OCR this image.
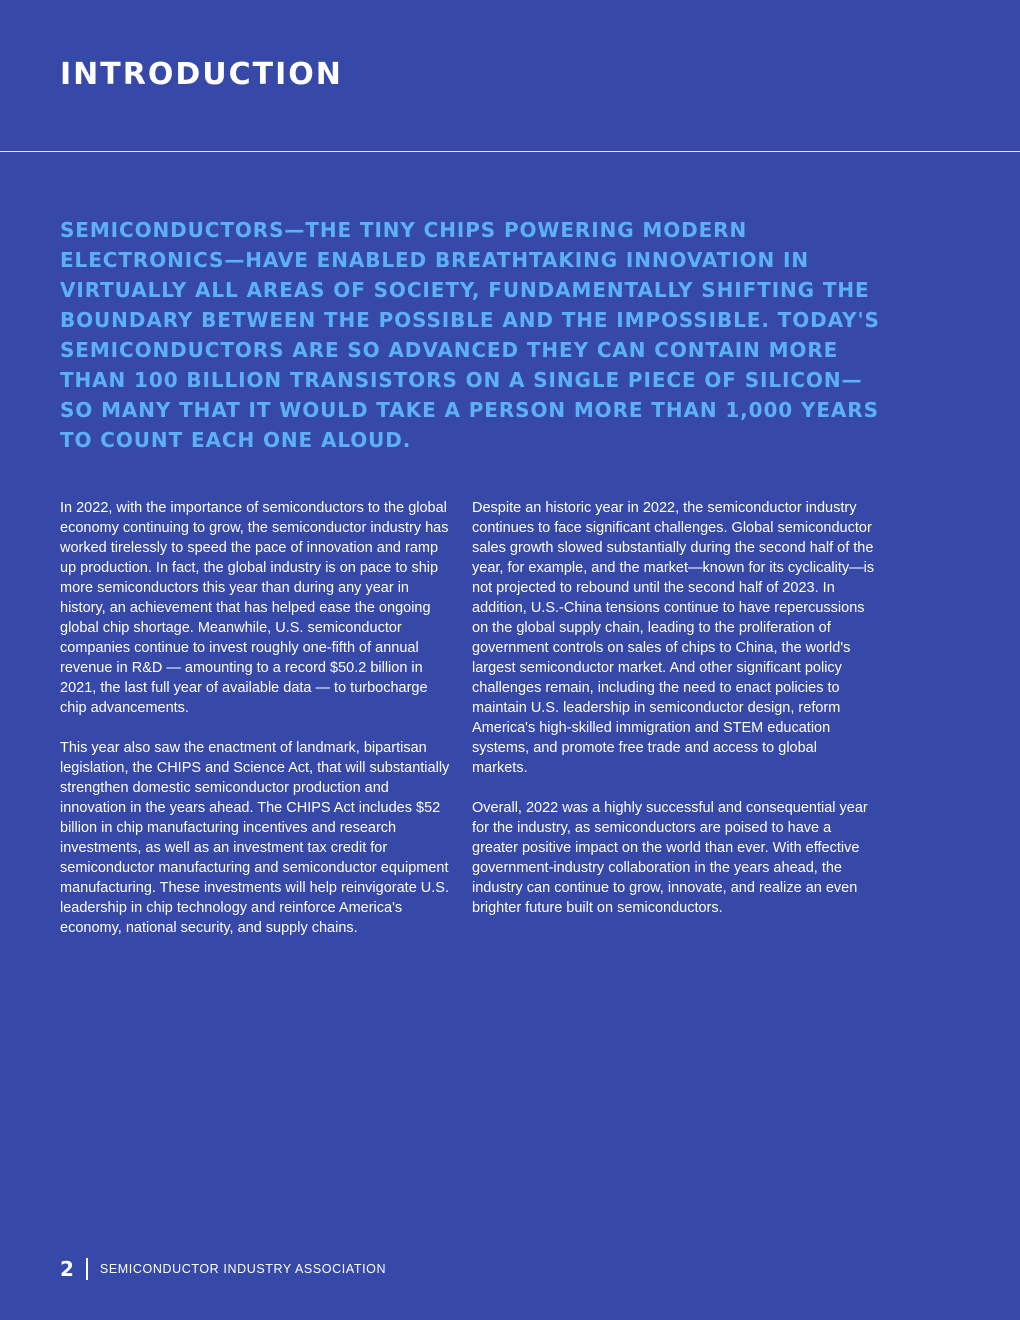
INTRODUCTION

SEMICONDUCTORS—THE TINY CHIPS POWERING MODERN ELECTRONICS—HAVE ENABLED BREATHTAKING INNOVATION IN VIRTUALLY ALL AREAS OF SOCIETY, FUNDAMENTALLY SHIFTING THE BOUNDARY BETWEEN THE POSSIBLE AND THE IMPOSSIBLE. TODAY'S SEMICONDUCTORS ARE SO ADVANCED THEY CAN CONTAIN MORE THAN 100 BILLION TRANSISTORS ON A SINGLE PIECE OF SILICON—SO MANY THAT IT WOULD TAKE A PERSON MORE THAN 1,000 YEARS TO COUNT EACH ONE ALOUD.

In 2022, with the importance of semiconductors to the global economy continuing to grow, the semiconductor industry has worked tirelessly to speed the pace of innovation and ramp up production. In fact, the global industry is on pace to ship more semiconductors this year than during any year in history, an achievement that has helped ease the ongoing global chip shortage. Meanwhile, U.S. semiconductor companies continue to invest roughly one-fifth of annual revenue in R&D — amounting to a record $50.2 billion in 2021, the last full year of available data — to turbocharge chip advancements.

This year also saw the enactment of landmark, bipartisan legislation, the CHIPS and Science Act, that will substantially strengthen domestic semiconductor production and innovation in the years ahead. The CHIPS Act includes $52 billion in chip manufacturing incentives and research investments, as well as an investment tax credit for semiconductor manufacturing and semiconductor equipment manufacturing. These investments will help reinvigorate U.S. leadership in chip technology and reinforce America's economy, national security, and supply chains.

Despite an historic year in 2022, the semiconductor industry continues to face significant challenges. Global semiconductor sales growth slowed substantially during the second half of the year, for example, and the market—known for its cyclicality—is not projected to rebound until the second half of 2023. In addition, U.S.-China tensions continue to have repercussions on the global supply chain, leading to the proliferation of government controls on sales of chips to China, the world's largest semiconductor market. And other significant policy challenges remain, including the need to enact policies to maintain U.S. leadership in semiconductor design, reform America's high-skilled immigration and STEM education systems, and promote free trade and access to global markets.

Overall, 2022 was a highly successful and consequential year for the industry, as semiconductors are poised to have a greater positive impact on the world than ever. With effective government-industry collaboration in the years ahead, the industry can continue to grow, innovate, and realize an even brighter future built on semiconductors.

2 SEMICONDUCTOR INDUSTRY ASSOCIATION
